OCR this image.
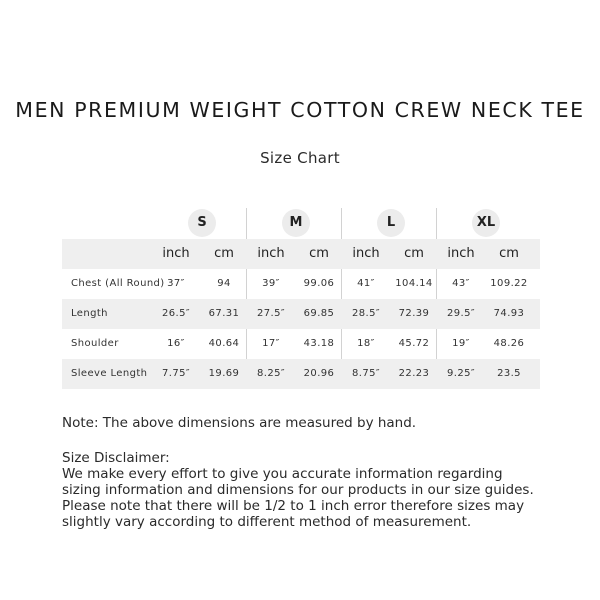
MEN PREMIUM WEIGHT COTTON CREW NECK TEE
Size Chart
S	M	L	XL
inch	cm	inch	cm	inch	cm	inch	cm
Chest (All Round) 37″	94	39″	99.06	41″	104.14	43″	109.22
Length	26.5″	67.31	27.5″	69.85	28.5″	72.39	29.5″	74.93
Shoulder	16″	40.64	17″	43.18	18″	45.72	19″	48.26
Sleeve Length	7.75″	19.69	8.25″	20.96	8.75″	22.23	9.25″	23.5
Note: The above dimensions are measured by hand.
Size Disclaimer:
We make every effort to give you accurate information regarding sizing information and dimensions for our products in our size guides. Please note that there will be 1/2 to 1 inch error therefore sizes may slightly vary according to different method of measurement.
